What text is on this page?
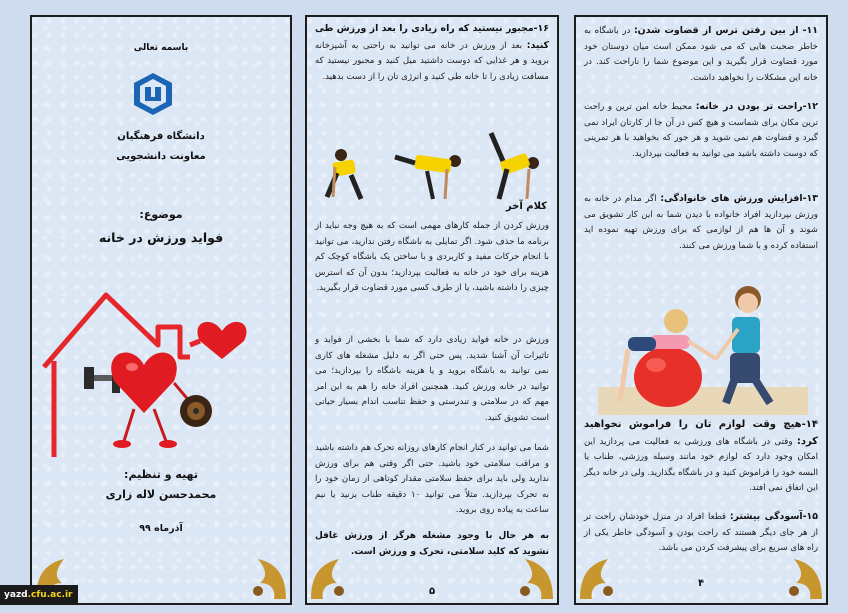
باسمه تعالی
دانشگاه فرهنگیان
معاونت دانشجویی
موضوع:
فواید ورزش در خانه
تهیه و تنظیم:
محمدحسن لاله زاری
آذرماه ۹۹
۱۶-مجبور نیستید که راه زیادی را بعد از ورزش طی کنید: بعد از ورزش در خانه می توانید به راحتی به آشپزخانه بروید و هر غذایی که دوست داشتید میل کنید و مجبور نیستید که مسافت زیادی را تا خانه طی کنید و انرژی تان را از دست بدهید.
کلام آخر
ورزش کردن از جمله کارهای مهمی است که به هیچ وجه نباید از برنامه ما حذف شود. اگر تمایلی به باشگاه رفتن ندارید، می توانید با انجام حرکات مفید و کاربردی و با ساختن یک باشگاه کوچک کم هزینه برای خود در خانه به فعالیت بپردازید؛ بدون آن که استرس چیزی را داشته باشید، یا از طرف کسی مورد قضاوت قرار بگیرید.
ورزش در خانه فواید زیادی دارد که شما با بخشی از فواید و تاثیرات آن آشنا شدید. پس حتی اگر به دلیل مشغله های کاری نمی توانید به باشگاه بروید و یا هزینه باشگاه را بپردازید؛ می توانید در خانه ورزش کنید. همچنین افراد خانه را هم به این امر مهم که در سلامتی و تندرستی و حفظ تناسب اندام بسیار حیاتی است تشویق کنید.
شما می توانید در کنار انجام کارهای روزانه تحرک هم داشته باشید و مراقب سلامتی خود باشید. حتی اگر وقتی هم برای ورزش ندارید ولی باید برای حفظ سلامتی مقدار کوتاهی از زمان خود را به تحرک بپردازید. مثلاً می توانید ۱۰ دقیقه طناب بزنید یا نیم ساعت به پیاده روی بروید.
به هر حال با وجود مشغله هرگز از ورزش غافل نشوید که کلید سلامتی، تحرک و ورزش است.
۵
۱۱- از بین رفتن ترس از قضاوت شدن: در باشگاه به خاطر صحبت هایی که می شود ممکن است میان دوستان خود مورد قضاوت قرار بگیرید و این موضوع شما را ناراحت کند. در خانه این مشکلات را نخواهید داشت.
۱۲-راحت تر بودن در خانه: محیط خانه امن ترین و راحت ترین مکان برای شماست و هیچ کس در آن جا از کارتان ایراد نمی گیرد و قضاوت هم نمی شوید و هر جور که بخواهید با هر تمرینی که دوست داشته باشید می توانید به فعالیت بپردازید.
۱۳-افزایش ورزش های خانوادگی: اگر مدام در خانه به ورزش بپردازید افراد خانواده با دیدن شما به این کار تشویق می شوند و آن ها هم از لوازمی که برای ورزش تهیه نموده اید استفاده کرده و با شما ورزش می کنند.
۱۴-هیچ وقت لوازم تان را فراموش نخواهید کرد: وقتی در باشگاه های ورزشی به فعالیت می پردازید این امکان وجود دارد که لوازم خود مانند وسیله ورزشی، طناب یا البسه خود را فراموش کنید و در باشگاه بگذارید. ولی در خانه دیگر این اتفاق نمی افتد.
۱۵-آسودگی بیشتر: قطعا افراد در منزل خودشان راحت تر از هر جای دیگر هستند که راحت بودن و آسودگی خاطر یکی از راه های سریع برای پیشرفت کردن می باشد.
۴
yazd.cfu.ac.ir
